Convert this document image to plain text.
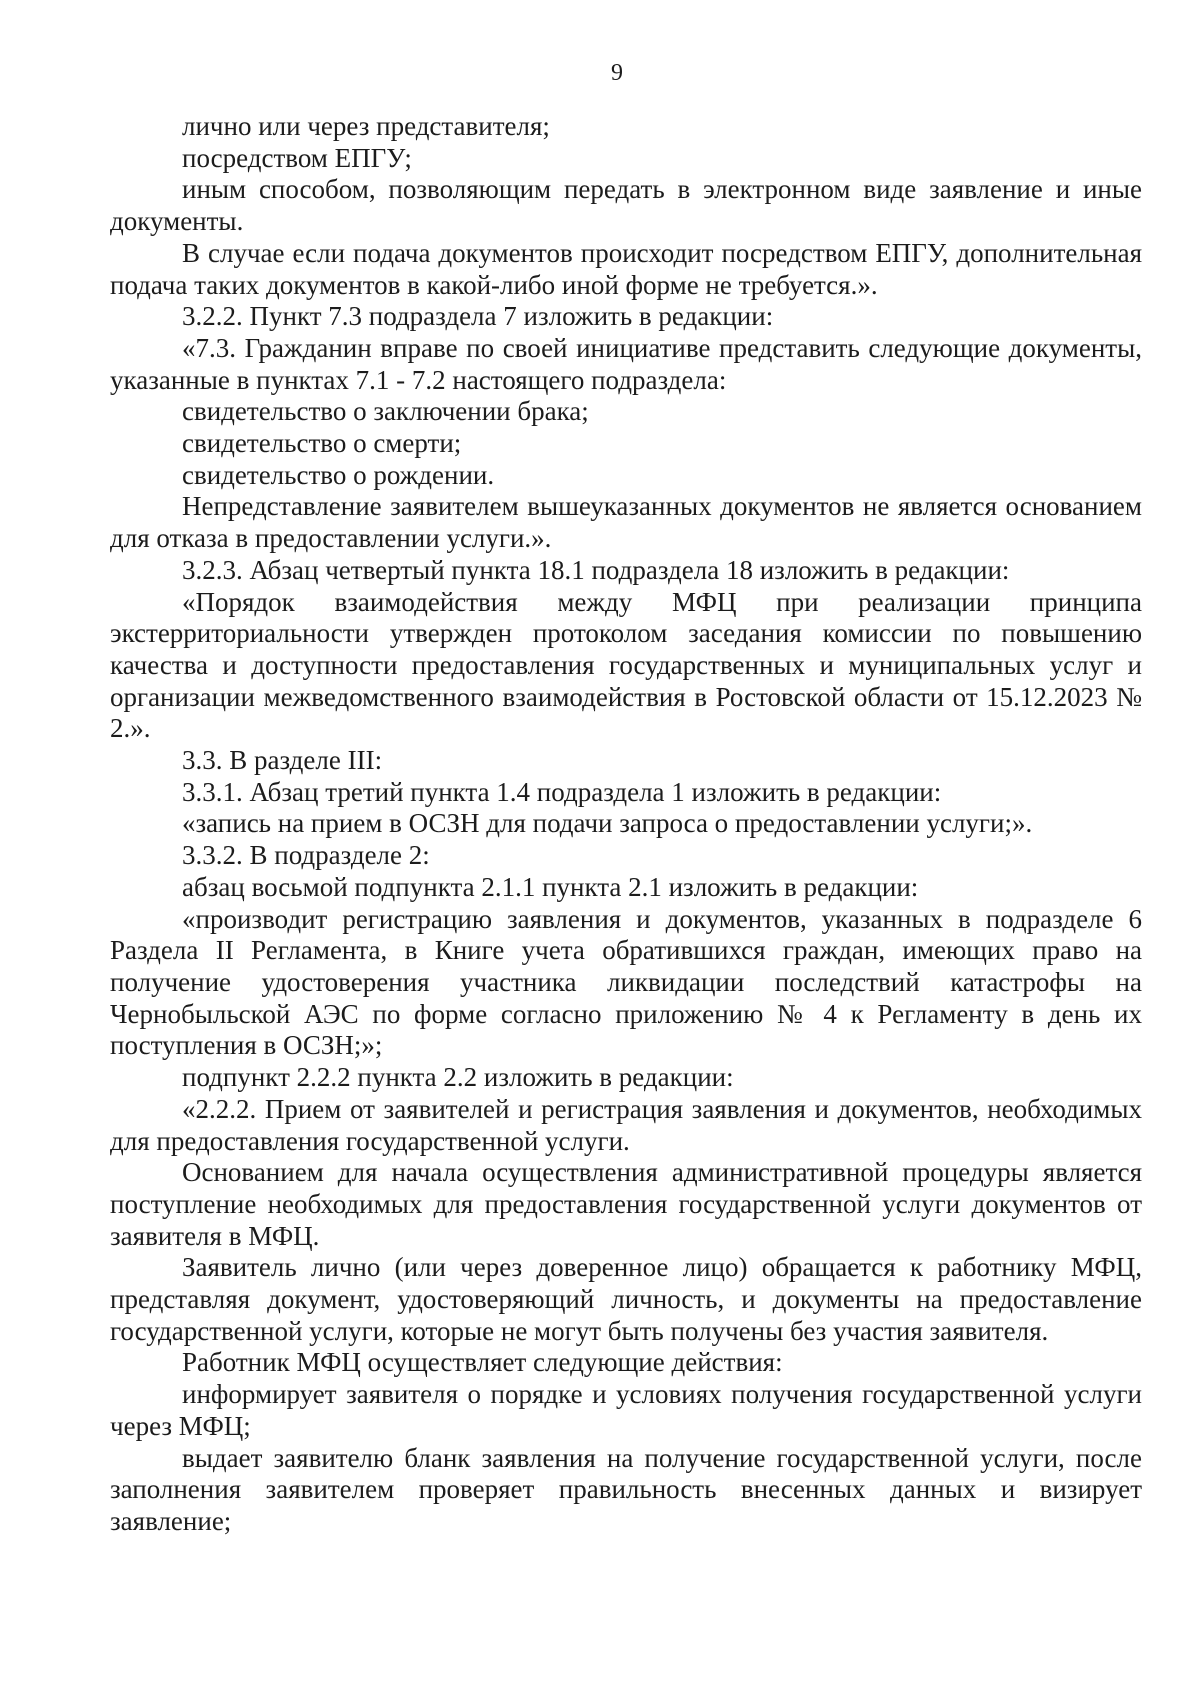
9

лично или через представителя;

посредством ЕПГУ;

иным способом, позволяющим передать в электронном виде заявление и иные документы.

В случае если подача документов происходит посредством ЕПГУ, дополнительная подача таких документов в какой-либо иной форме не требуется.».

3.2.2. Пункт 7.3 подраздела 7 изложить в редакции:

«7.3. Гражданин вправе по своей инициативе представить следующие документы, указанные в пунктах 7.1 - 7.2 настоящего подраздела:

свидетельство о заключении брака;

свидетельство о смерти;

свидетельство о рождении.

Непредставление заявителем вышеуказанных документов не является основанием для отказа в предоставлении услуги.».

3.2.3. Абзац четвертый пункта 18.1 подраздела 18 изложить в редакции:

«Порядок взаимодействия между МФЦ при реализации принципа экстерриториальности утвержден протоколом заседания комиссии по повышению качества и доступности предоставления государственных и муниципальных услуг и организации межведомственного взаимодействия в Ростовской области от 15.12.2023 № 2.».

3.3. В разделе III:

3.3.1. Абзац третий пункта 1.4 подраздела 1 изложить в редакции:

«запись на прием в ОСЗН для подачи запроса о предоставлении услуги;».

3.3.2. В подразделе 2:

абзац восьмой подпункта 2.1.1 пункта 2.1 изложить в редакции:

«производит регистрацию заявления и документов, указанных в подразделе 6 Раздела II Регламента, в Книге учета обратившихся граждан, имеющих право на получение удостоверения участника ликвидации последствий катастрофы на Чернобыльской АЭС по форме согласно приложению № 4 к Регламенту в день их поступления в ОСЗН;»;

подпункт 2.2.2 пункта 2.2 изложить в редакции:

«2.2.2. Прием от заявителей и регистрация заявления и документов, необходимых для предоставления государственной услуги.

Основанием для начала осуществления административной процедуры является поступление необходимых для предоставления государственной услуги документов от заявителя в МФЦ.

Заявитель лично (или через доверенное лицо) обращается к работнику МФЦ, представляя документ, удостоверяющий личность, и документы на предоставление государственной услуги, которые не могут быть получены без участия заявителя.

Работник МФЦ осуществляет следующие действия:

информирует заявителя о порядке и условиях получения государственной услуги через МФЦ;

выдает заявителю бланк заявления на получение государственной услуги, после заполнения заявителем проверяет правильность внесенных данных и визирует заявление;
